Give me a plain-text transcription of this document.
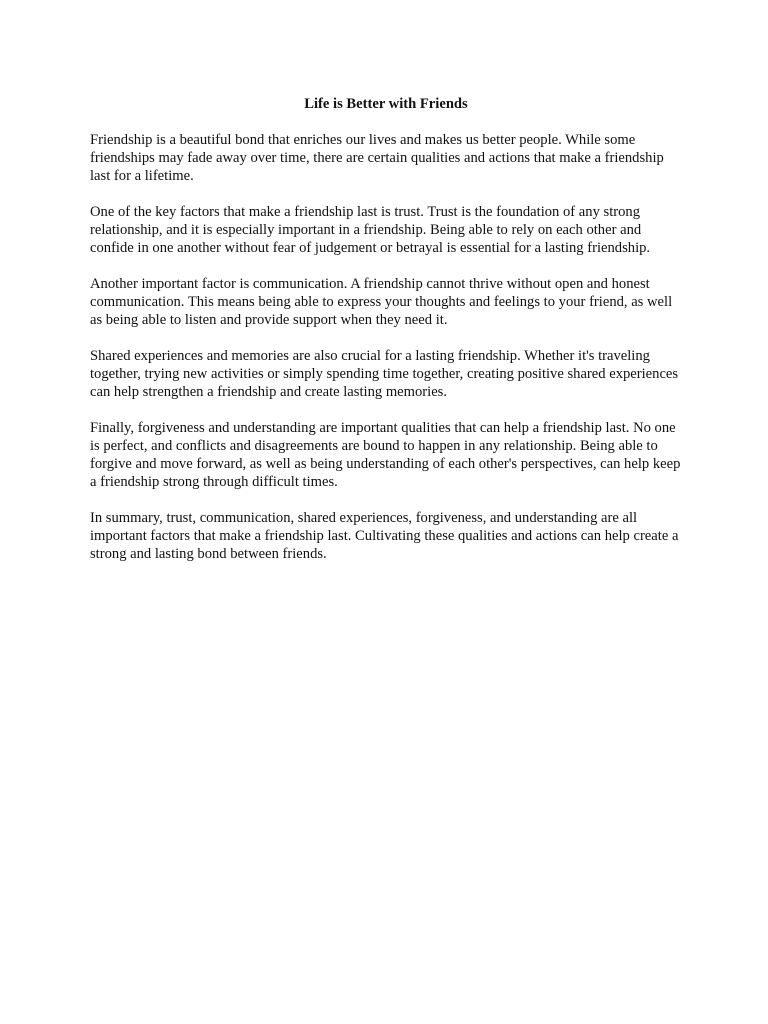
Life is Better with Friends

Friendship is a beautiful bond that enriches our lives and makes us better people. While some friendships may fade away over time, there are certain qualities and actions that make a friendship last for a lifetime.

One of the key factors that make a friendship last is trust. Trust is the foundation of any strong relationship, and it is especially important in a friendship. Being able to rely on each other and confide in one another without fear of judgement or betrayal is essential for a lasting friendship.

Another important factor is communication. A friendship cannot thrive without open and honest communication. This means being able to express your thoughts and feelings to your friend, as well as being able to listen and provide support when they need it.

Shared experiences and memories are also crucial for a lasting friendship. Whether it's traveling together, trying new activities or simply spending time together, creating positive shared experiences can help strengthen a friendship and create lasting memories.

Finally, forgiveness and understanding are important qualities that can help a friendship last. No one is perfect, and conflicts and disagreements are bound to happen in any relationship. Being able to forgive and move forward, as well as being understanding of each other's perspectives, can help keep a friendship strong through difficult times.

In summary, trust, communication, shared experiences, forgiveness, and understanding are all important factors that make a friendship last. Cultivating these qualities and actions can help create a strong and lasting bond between friends.
